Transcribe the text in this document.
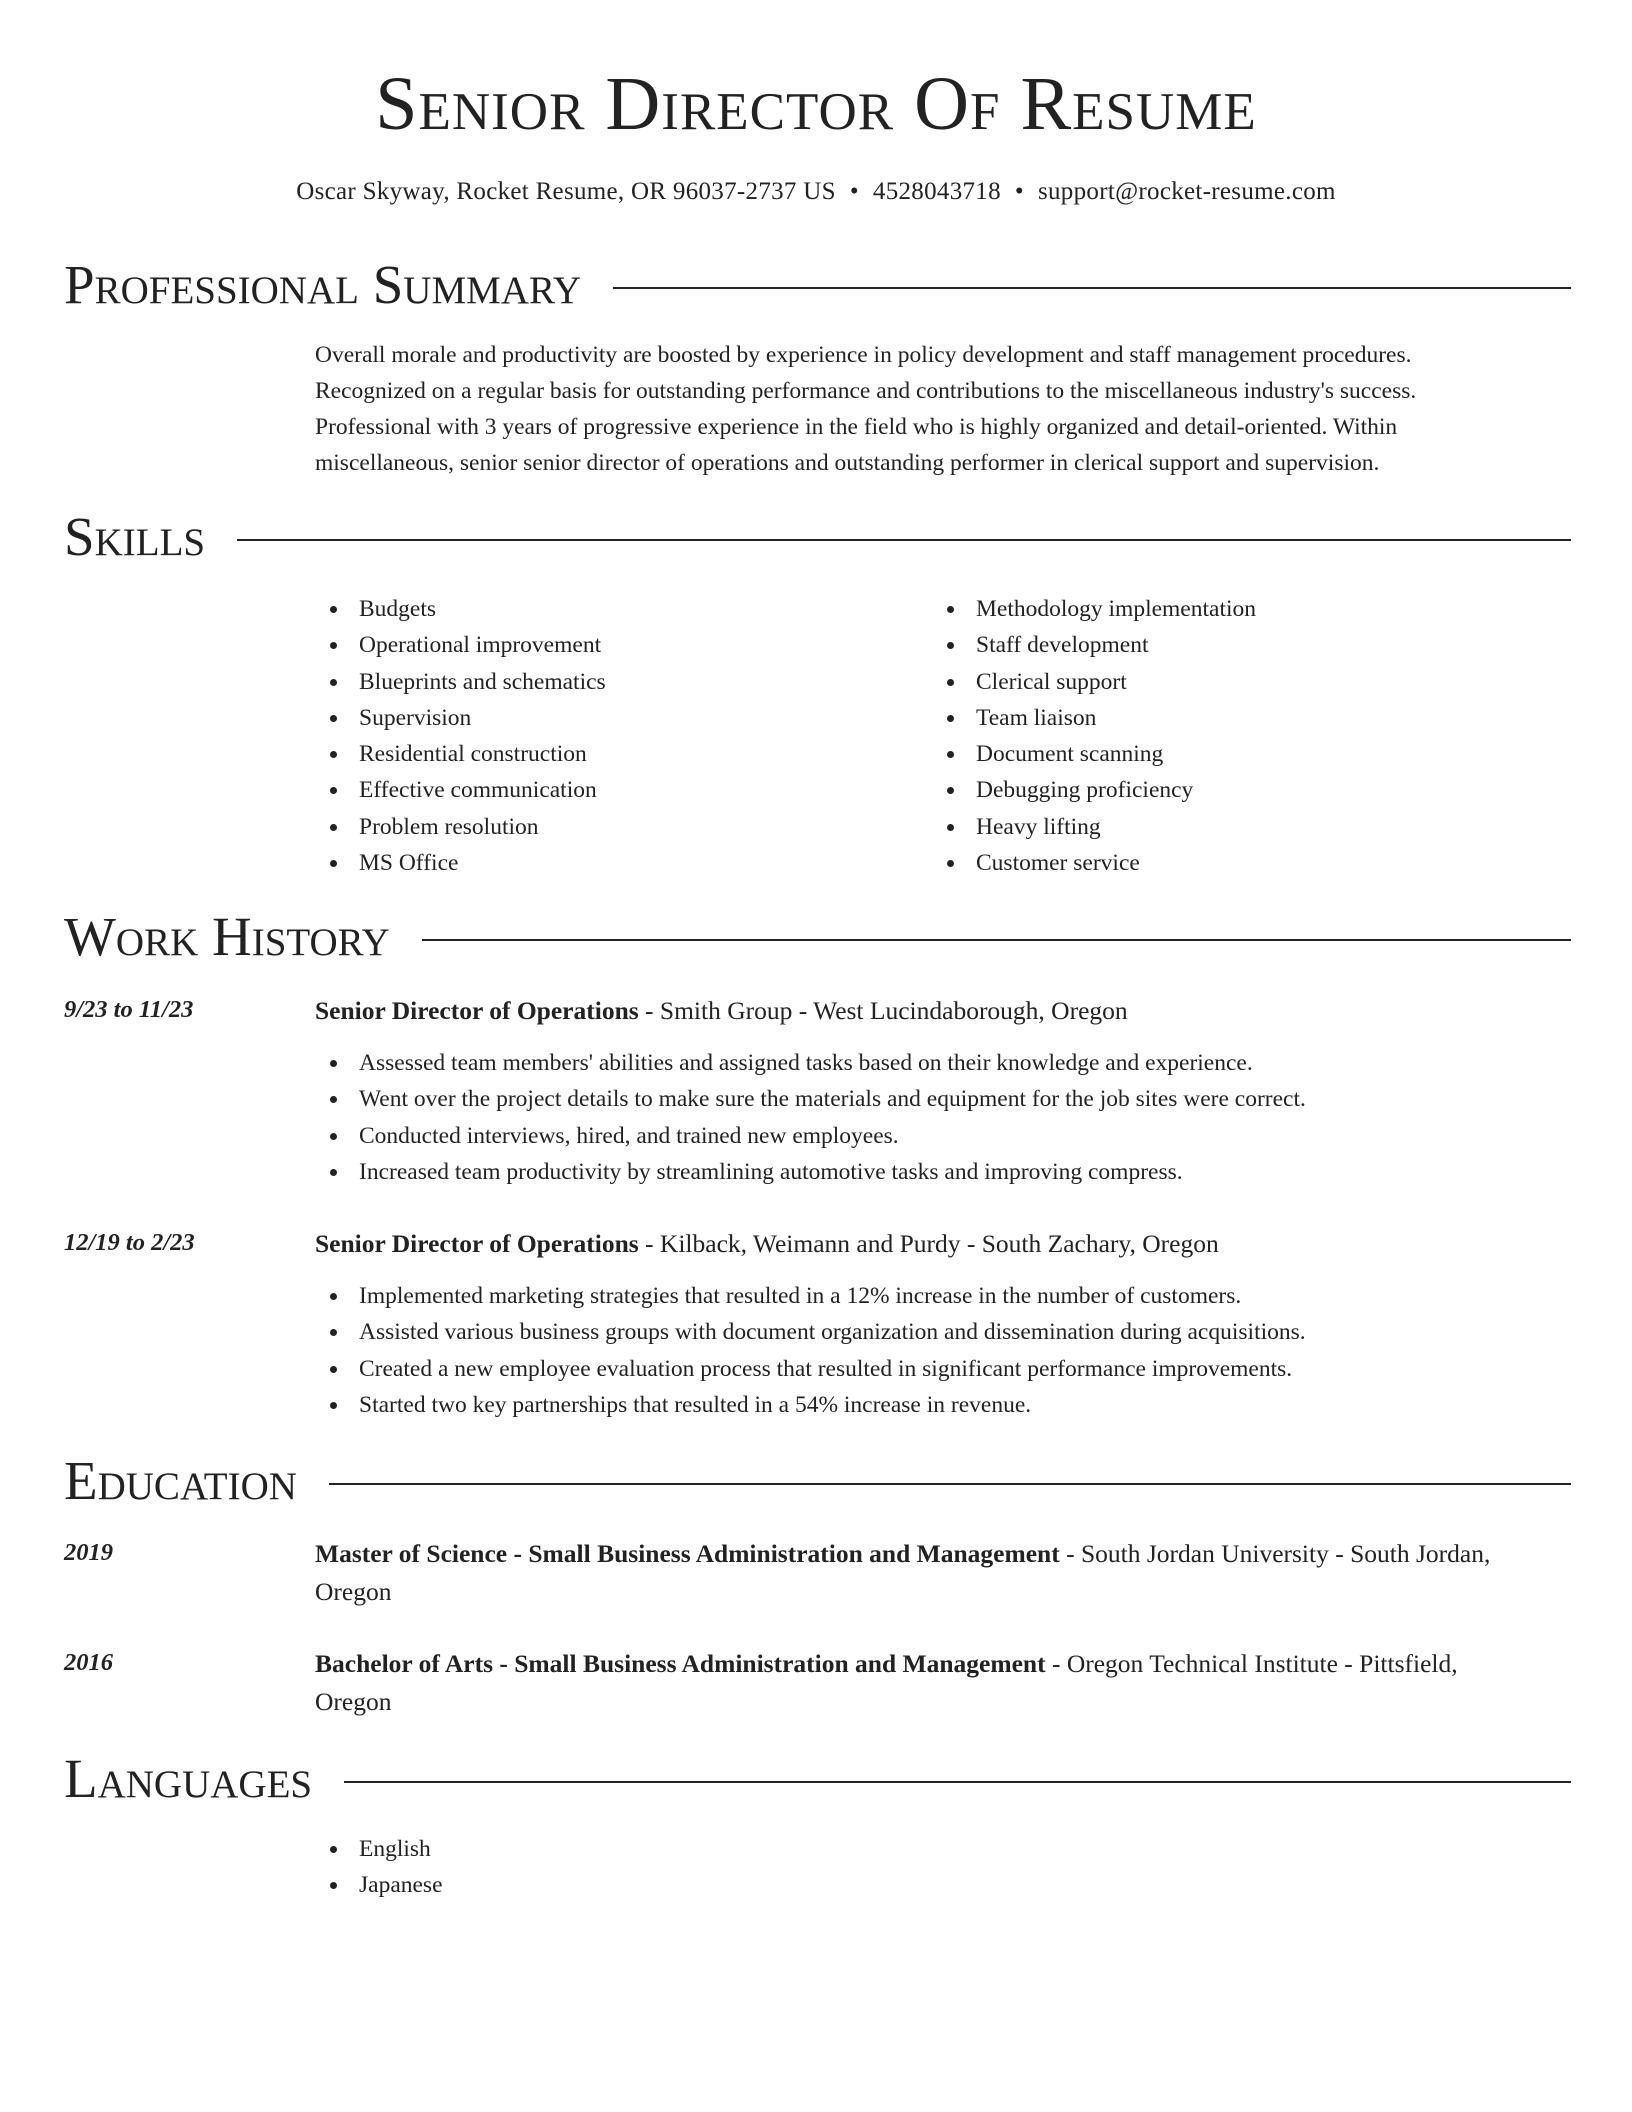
Senior Director Of Resume
Oscar Skyway, Rocket Resume, OR 96037-2737 US • 4528043718 • support@rocket-resume.com
Professional Summary
Overall morale and productivity are boosted by experience in policy development and staff management procedures.
Recognized on a regular basis for outstanding performance and contributions to the miscellaneous industry's success.
Professional with 3 years of progressive experience in the field who is highly organized and detail-oriented. Within
miscellaneous, senior senior director of operations and outstanding performer in clerical support and supervision.
Skills
Budgets
Operational improvement
Blueprints and schematics
Supervision
Residential construction
Effective communication
Problem resolution
MS Office
Methodology implementation
Staff development
Clerical support
Team liaison
Document scanning
Debugging proficiency
Heavy lifting
Customer service
Work History
9/23 to 11/23	Senior Director of Operations - Smith Group - West Lucindaborough, Oregon
Assessed team members' abilities and assigned tasks based on their knowledge and experience.
Went over the project details to make sure the materials and equipment for the job sites were correct.
Conducted interviews, hired, and trained new employees.
Increased team productivity by streamlining automotive tasks and improving compress.
12/19 to 2/23	Senior Director of Operations - Kilback, Weimann and Purdy - South Zachary, Oregon
Implemented marketing strategies that resulted in a 12% increase in the number of customers.
Assisted various business groups with document organization and dissemination during acquisitions.
Created a new employee evaluation process that resulted in significant performance improvements.
Started two key partnerships that resulted in a 54% increase in revenue.
Education
2019	Master of Science - Small Business Administration and Management - South Jordan University - South Jordan,
Oregon
2016	Bachelor of Arts - Small Business Administration and Management - Oregon Technical Institute - Pittsfield,
Oregon
Languages
English
Japanese
